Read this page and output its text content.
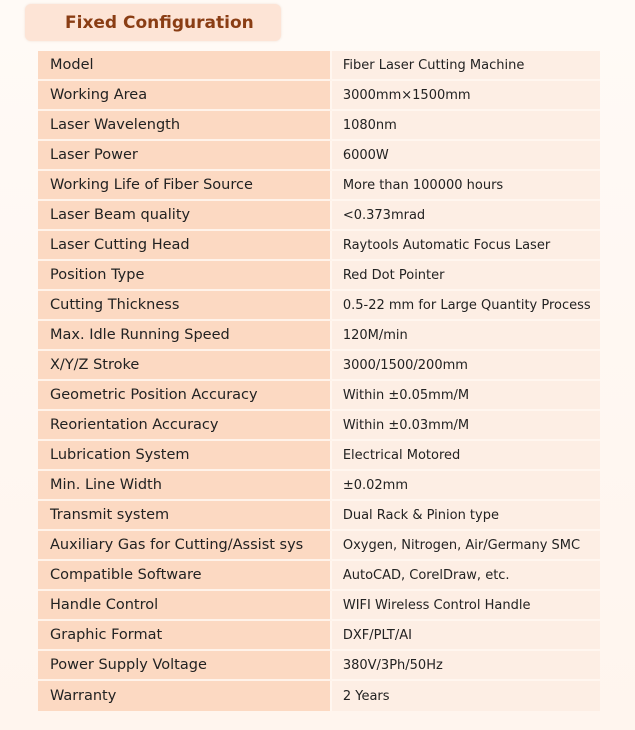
Fixed Configuration
Model	Fiber Laser Cutting Machine
Working Area	3000mm×1500mm
Laser Wavelength	1080nm
Laser Power	6000W
Working Life of Fiber Source	More than 100000 hours
Laser Beam quality	<0.373mrad
Laser Cutting Head	Raytools Automatic Focus Laser
Position Type	Red Dot Pointer
Cutting Thickness	0.5-22 mm for Large Quantity Process
Max. Idle Running Speed	120M/min
X/Y/Z Stroke	3000/1500/200mm
Geometric Position Accuracy	Within ±0.05mm/M
Reorientation Accuracy	Within ±0.03mm/M
Lubrication System	Electrical Motored
Min. Line Width	±0.02mm
Transmit system	Dual Rack & Pinion type
Auxiliary Gas for Cutting/Assist sys	Oxygen, Nitrogen, Air/Germany SMC
Compatible Software	AutoCAD, CorelDraw, etc.
Handle Control	WIFI Wireless Control Handle
Graphic Format	DXF/PLT/AI
Power Supply Voltage	380V/3Ph/50Hz
Warranty	2 Years
